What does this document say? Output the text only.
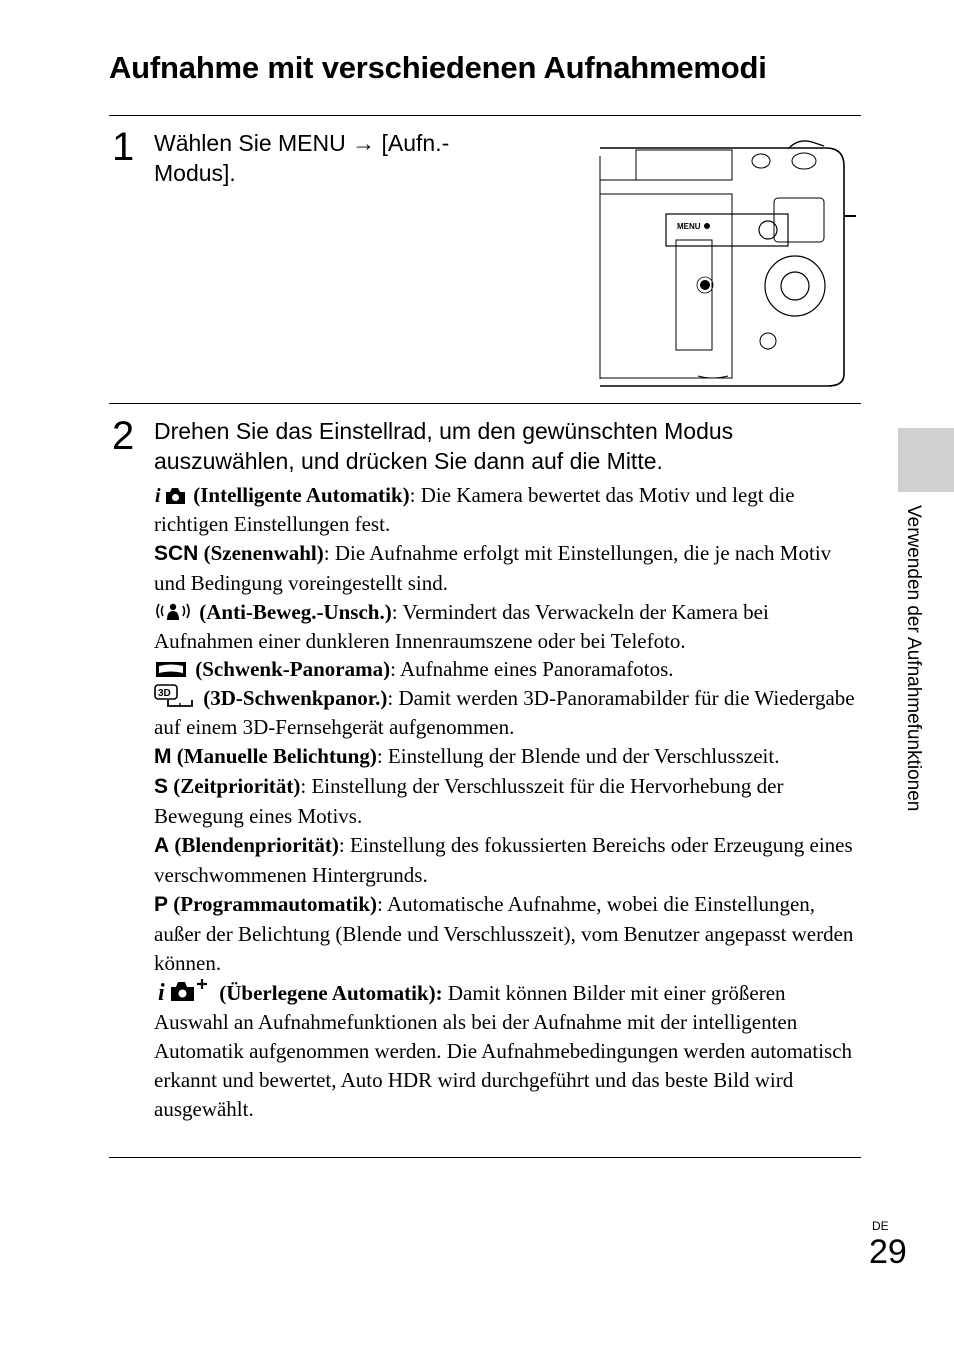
Aufnahme mit verschiedenen Aufnahmemodi
1 Wählen Sie MENU → [Aufn.-
Modus].
MENU
2 Drehen Sie das Einstellrad, um den gewünschten Modus
auszuwählen, und drücken Sie dann auf die Mitte.

i (Intelligente Automatik): Die Kamera bewertet das Motiv und legt die richtigen Einstellungen fest.

SCN (Szenenwahl): Die Aufnahme erfolgt mit Einstellungen, die je nach Motiv und Bedingung voreingestellt sind.

(Anti-Beweg.-Unsch.): Vermindert das Verwackeln der Kamera bei Aufnahmen einer dunkleren Innenraumszene oder bei Telefoto.

(Schwenk-Panorama): Aufnahme eines Panoramafotos.

3D (3D-Schwenkpanor.): Damit werden 3D-Panoramabilder für die Wiedergabe auf einem 3D-Fernsehgerät aufgenommen.

M (Manuelle Belichtung): Einstellung der Blende und der Verschlusszeit.

S (Zeitpriorität): Einstellung der Verschlusszeit für die Hervorhebung der Bewegung eines Motivs.

A (Blendenpriorität): Einstellung des fokussierten Bereichs oder Erzeugung eines verschwommenen Hintergrunds.

P (Programmautomatik): Automatische Aufnahme, wobei die Einstellungen, außer der Belichtung (Blende und Verschlusszeit), vom Benutzer angepasst werden können.

i	(Überlegene Automatik): Damit können Bilder mit einer größeren Auswahl an Aufnahmefunktionen als bei der Aufnahme mit der intelligenten Automatik aufgenommen werden. Die Aufnahmebedingungen werden automatisch erkannt und bewertet, Auto HDR wird durchgeführt und das beste Bild wird ausgewählt.

Verwenden der Aufnahmefunktionen
DE
29
